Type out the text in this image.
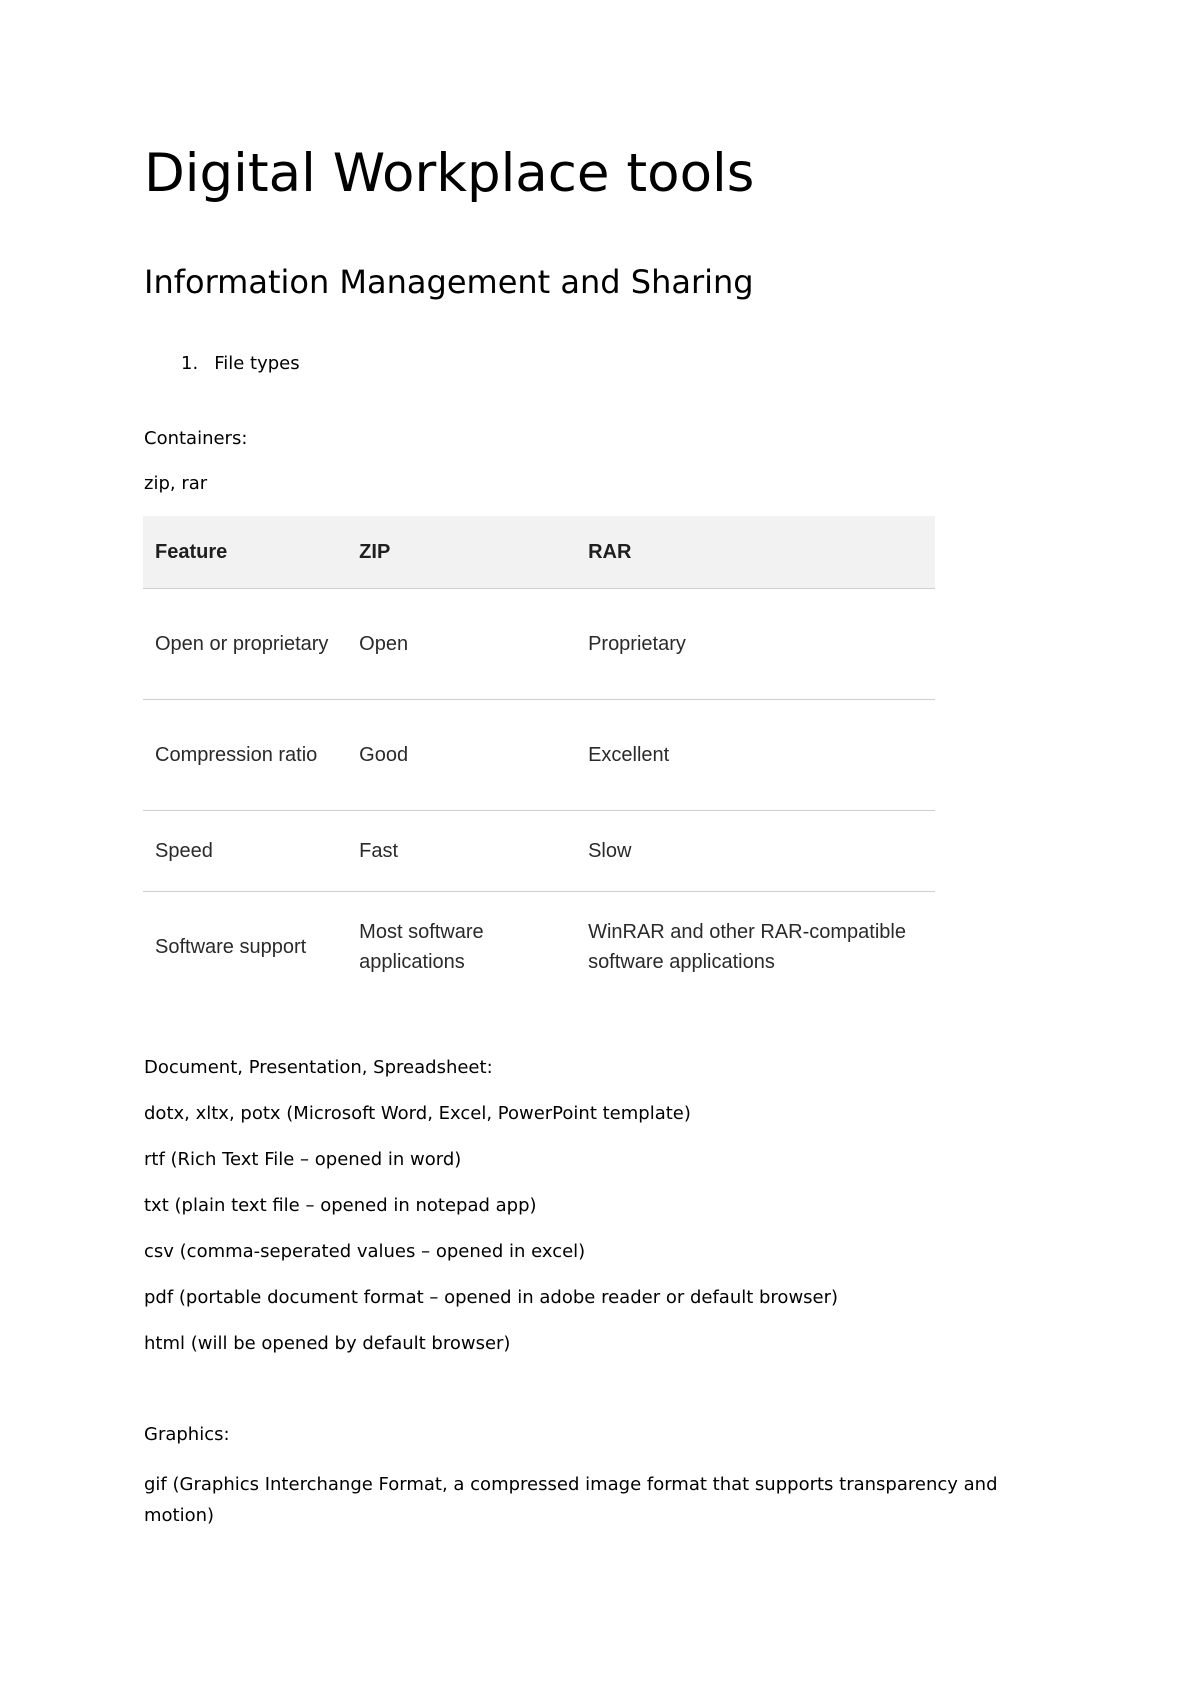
Digital Workplace tools
Information Management and Sharing
1. File types

Containers:

zip, rar

Feature	ZIP	RAR
Open or proprietary	Open	Proprietary
Compression ratio	Good	Excellent
Speed	Fast	Slow
Software support	Most software applications	WinRAR and other RAR-compatible software applications

Document, Presentation, Spreadsheet:

dotx, xltx, potx (Microsoft Word, Excel, PowerPoint template)

rtf (Rich Text File – opened in word)

txt (plain text file – opened in notepad app)

csv (comma-seperated values – opened in excel)

pdf (portable document format – opened in adobe reader or default browser)

html (will be opened by default browser)

Graphics:

gif (Graphics Interchange Format, a compressed image format that supports transparency and motion)
